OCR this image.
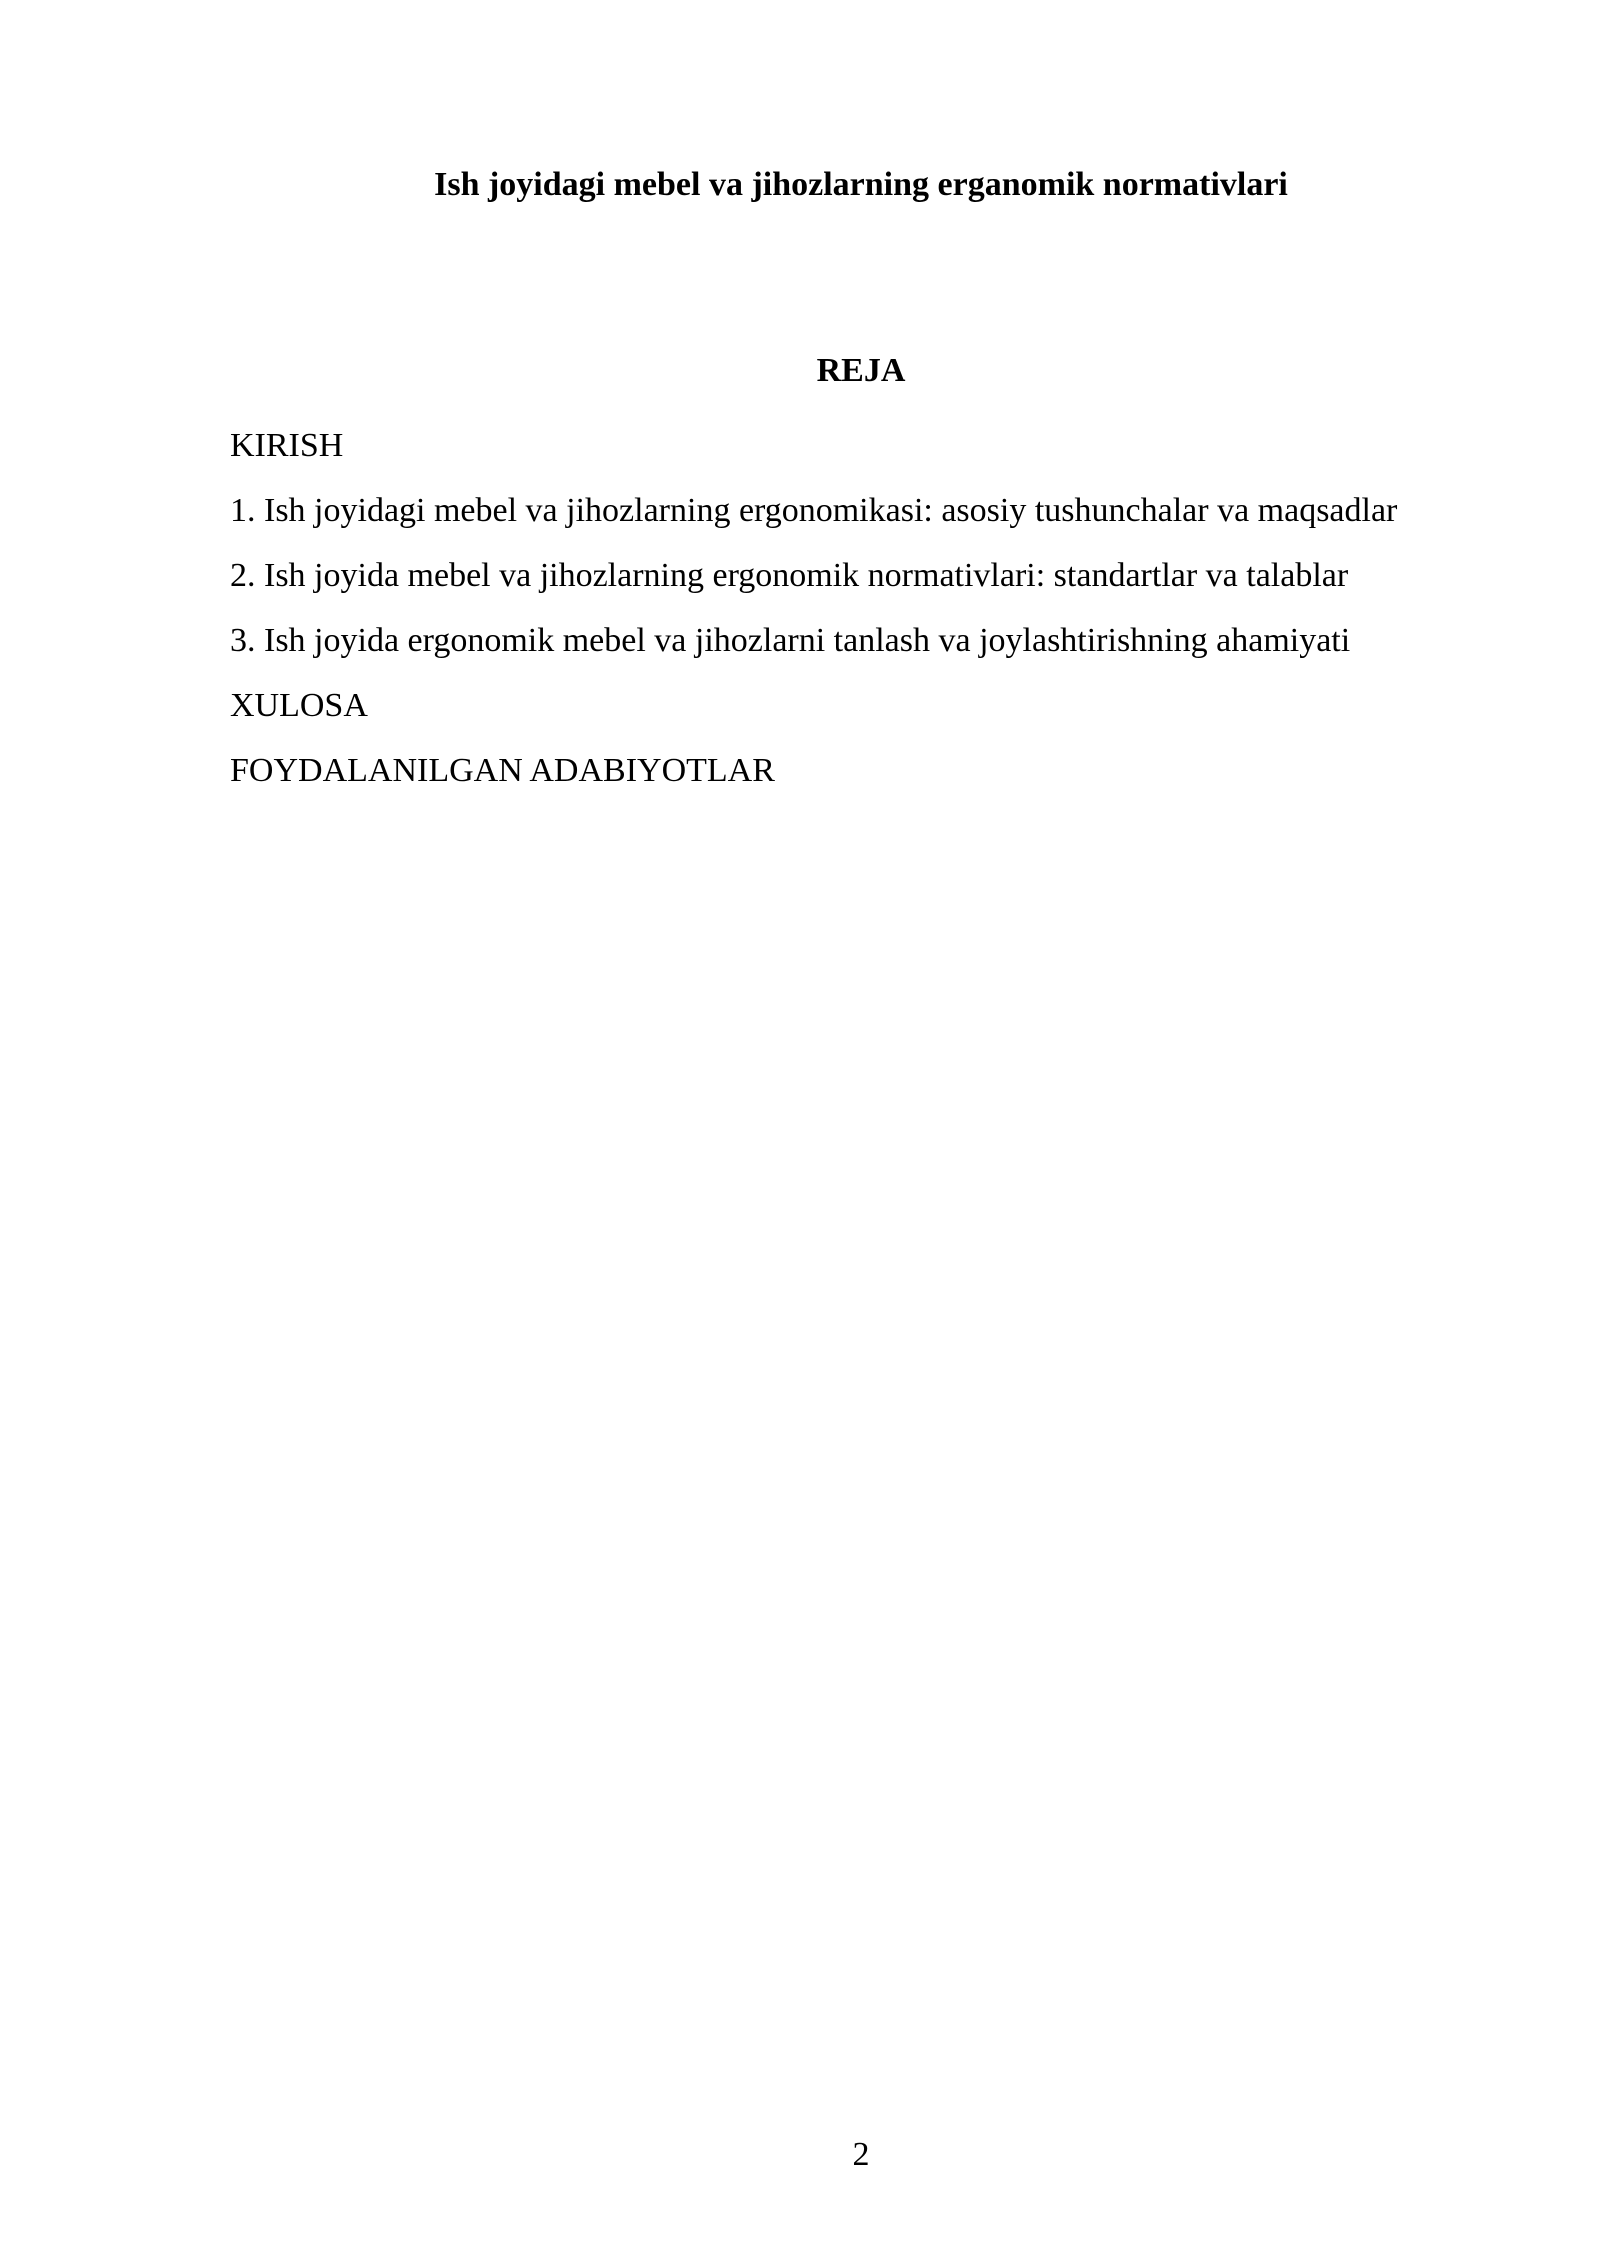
Ish joyidagi mebel va jihozlarning erganomik normativlari
REJA
KIRISH
1. Ish joyidagi mebel va jihozlarning ergonomikasi: asosiy tushunchalar va maqsadlar
2. Ish joyida mebel va jihozlarning ergonomik normativlari: standartlar va talablar
3. Ish joyida ergonomik mebel va jihozlarni tanlash va joylashtirishning ahamiyati
XULOSA
FOYDALANILGAN ADABIYOTLAR
2
